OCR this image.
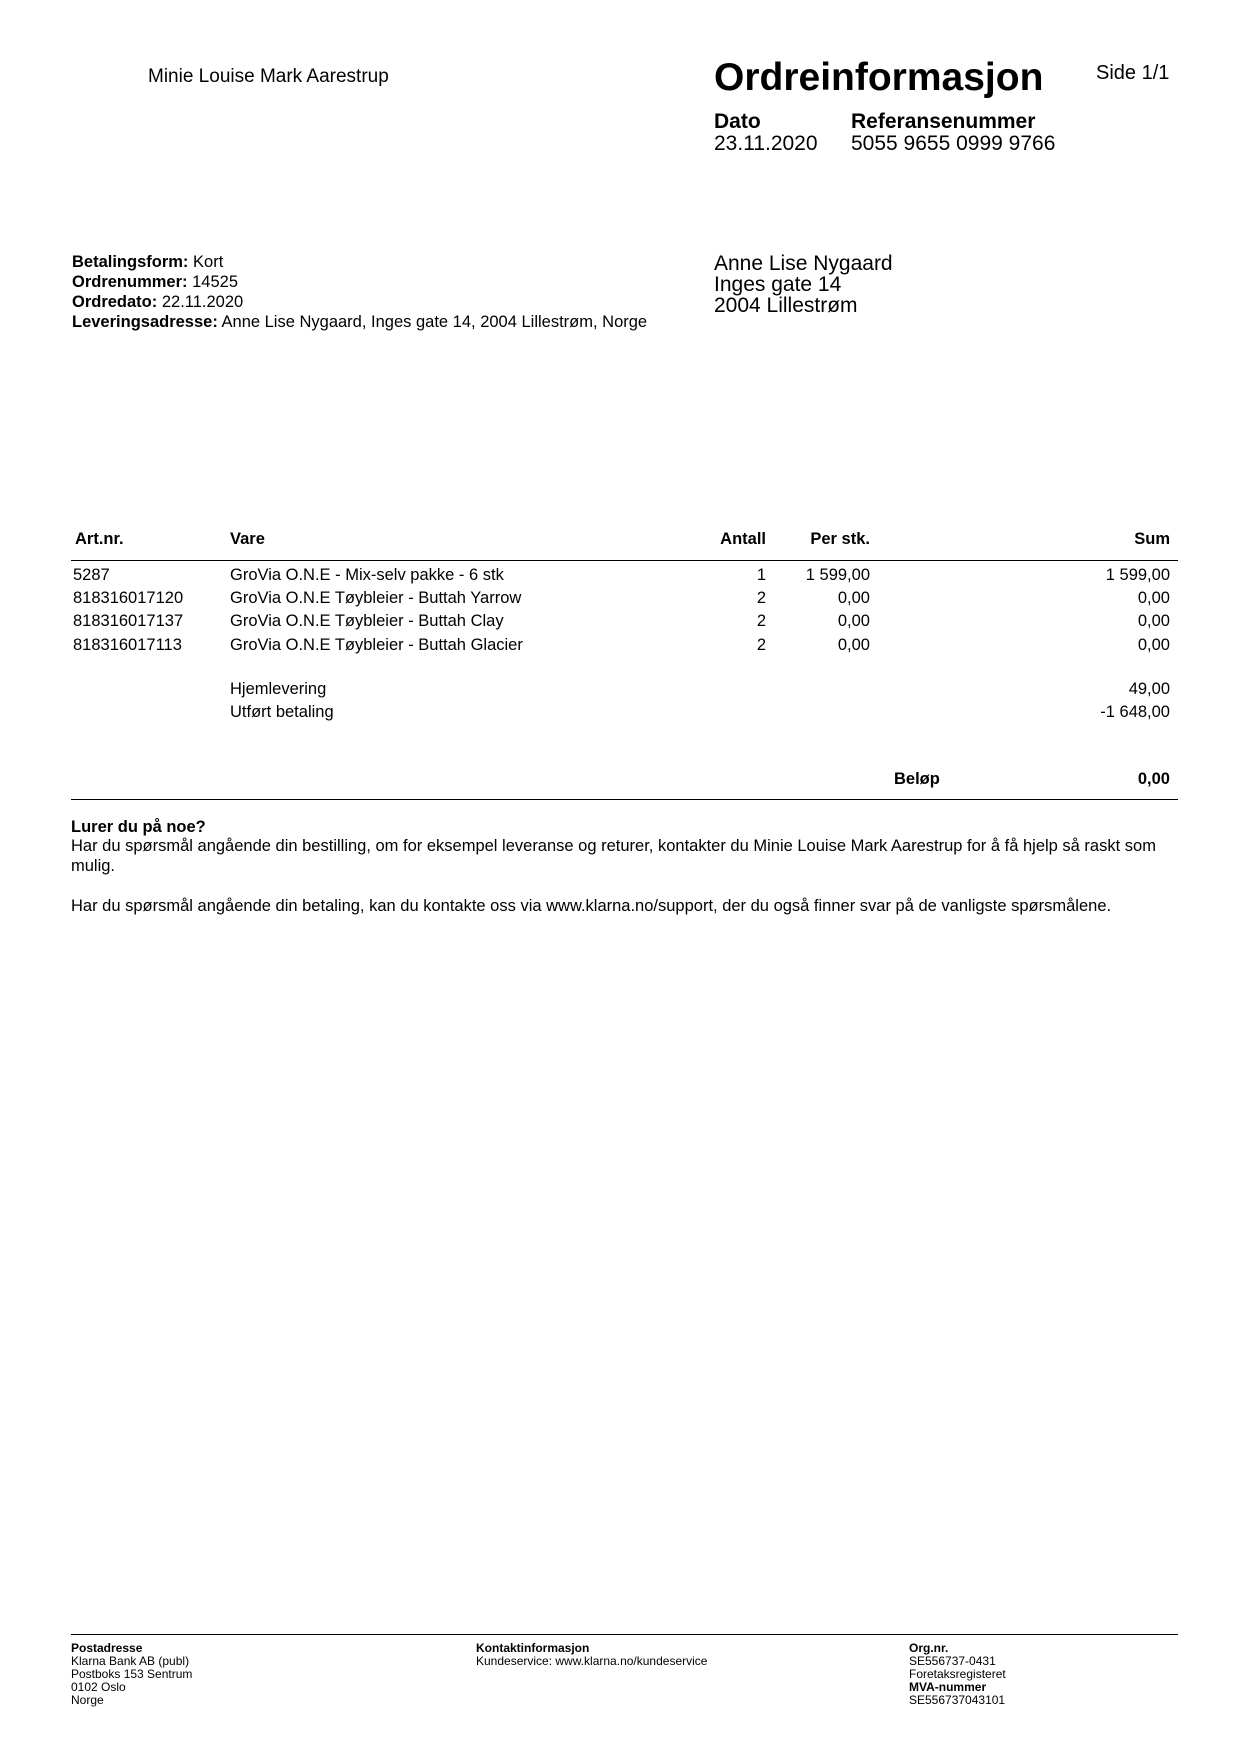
Minie Louise Mark Aarestrup	Ordreinformasjon	Side 1/1
Dato
23.11.2020
Referansenummer
5055 9655 0999 9766
Betalingsform: Kort
Ordrenummer: 14525
Ordredato: 22.11.2020
Leveringsadresse: Anne Lise Nygaard, Inges gate 14, 2004 Lillestrøm, Norge
Anne Lise Nygaard
Inges gate 14
2004 Lillestrøm
Art.nr.	Vare	Antall	Per stk.	Sum
5287	GroVia O.N.E - Mix-selv pakke - 6 stk	1	1 599,00	1 599,00
818316017120	GroVia O.N.E Tøybleier - Buttah Yarrow	2	0,00	0,00
818316017137	GroVia O.N.E Tøybleier - Buttah Clay	2	0,00	0,00
818316017113	GroVia O.N.E Tøybleier - Buttah Glacier	2	0,00	0,00
Hjemlevering	49,00
Utført betaling	-1 648,00
Beløp	0,00
Lurer du på noe?
Har du spørsmål angående din bestilling, om for eksempel leveranse og returer, kontakter du Minie Louise Mark Aarestrup for å få hjelp så raskt som mulig.
Har du spørsmål angående din betaling, kan du kontakte oss via www.klarna.no/support, der du også finner svar på de vanligste spørsmålene.
Postadresse
Klarna Bank AB (publ)
Postboks 153 Sentrum
0102 Oslo
Norge
Kontaktinformasjon
Kundeservice: www.klarna.no/kundeservice
Org.nr.
SE556737-0431
Foretaksregisteret
MVA-nummer
SE556737043101
